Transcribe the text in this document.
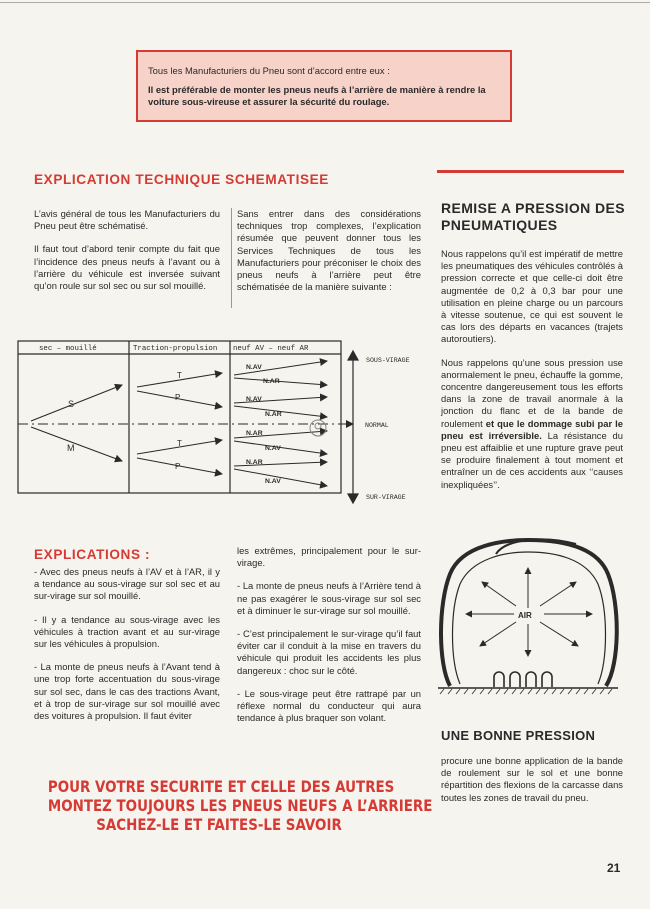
Tous les Manufacturiers du Pneu sont d’accord entre eux :
Il est préférable de monter les pneus neufs à l’arrière de manière à rendre la voiture sous-vireuse et assurer la sécurité du roulage.
EXPLICATION TECHNIQUE SCHEMATISEE

L’avis général de tous les Manufacturiers du Pneu peut être schématisé.

Il faut tout d’abord tenir compte du fait que l’incidence des pneus neufs à l’avant ou à l’arrière du véhicule est inversée suivant qu’on roule sur sol sec ou sur sol mouillé.

Sans entrer dans des considérations techniques trop complexes, l’explication résumée que peuvent donner tous les Services Techniques de tous les Manufacturiers pour préconiser le choix des pneus neufs à l’arrière peut être schématisée de la manière suivante :

sec – mouillé	Traction-propulsion neuf AV – neuf AR
S
M
T
P
T
P
N.AV
N.AR
N.AV
N.AR
N.AR
N.AV
N.AR
N.AV
SOUS-VIRAGE
NORMAL
SUR-VIRAGE
EXPLICATIONS :

- Avec des pneus neufs à l’AV et à l’AR, il y a tendance au sous-virage sur sol sec et au sur-virage sur sol mouillé.

- Il y a tendance au sous-virage avec les véhicules à traction avant et au sur-virage sur les véhicules à propulsion.

- La monte de pneus neufs à l’Avant tend à une trop forte accentuation du sous-virage sur sol sec, dans le cas des tractions Avant, et à trop de sur-virage sur sol mouillé avec des voitures à propulsion. Il faut éviter

les extrêmes, principalement pour le sur-virage.

- La monte de pneus neufs à l’Arrière tend à ne pas exagérer le sous-virage sur sol sec et à diminuer le sur-virage sur sol mouillé.

- C’est principalement le sur-virage qu’il faut éviter car il conduit à la mise en travers du véhicule qui produit les accidents les plus dangereux : choc sur le côté.

- Le sous-virage peut être rattrapé par un réflexe normal du conducteur qui aura tendance à plus braquer son volant.

POUR VOTRE SECURITE ET CELLE DES AUTRES
MONTEZ TOUJOURS LES PNEUS NEUFS A L’ARRIERE
SACHEZ-LE ET FAITES-LE SAVOIR
REMISE A PRESSION DES PNEUMATIQUES

Nous rappelons qu’il est impératif de mettre les pneumatiques des véhicules contrôlés à pression correcte et que celle-ci doit être augmentée de 0,2 à 0,3 bar pour une utilisation en pleine charge ou un parcours à vitesse soutenue, ce qui est souvent le cas lors des départs en vacances (trajets autoroutiers).

Nous rappelons qu’une sous pression use anormalement le pneu, échauffe la gomme, concentre dangereusement tous les efforts dans la zone de travail anormale à la jonction du flanc et de la bande de roulement et que le dommage subi par le pneu est irréversible. La résistance du pneu est affaiblie et une rupture grave peut se produire finalement à tout moment et entraîner un de ces accidents aux ‘‘causes inexpliquées’’.

AIR
UNE BONNE PRESSION

procure une bonne application de la bande de roulement sur le sol et une bonne répartition des flexions de la carcasse dans toutes les zones de travail du pneu.

21
